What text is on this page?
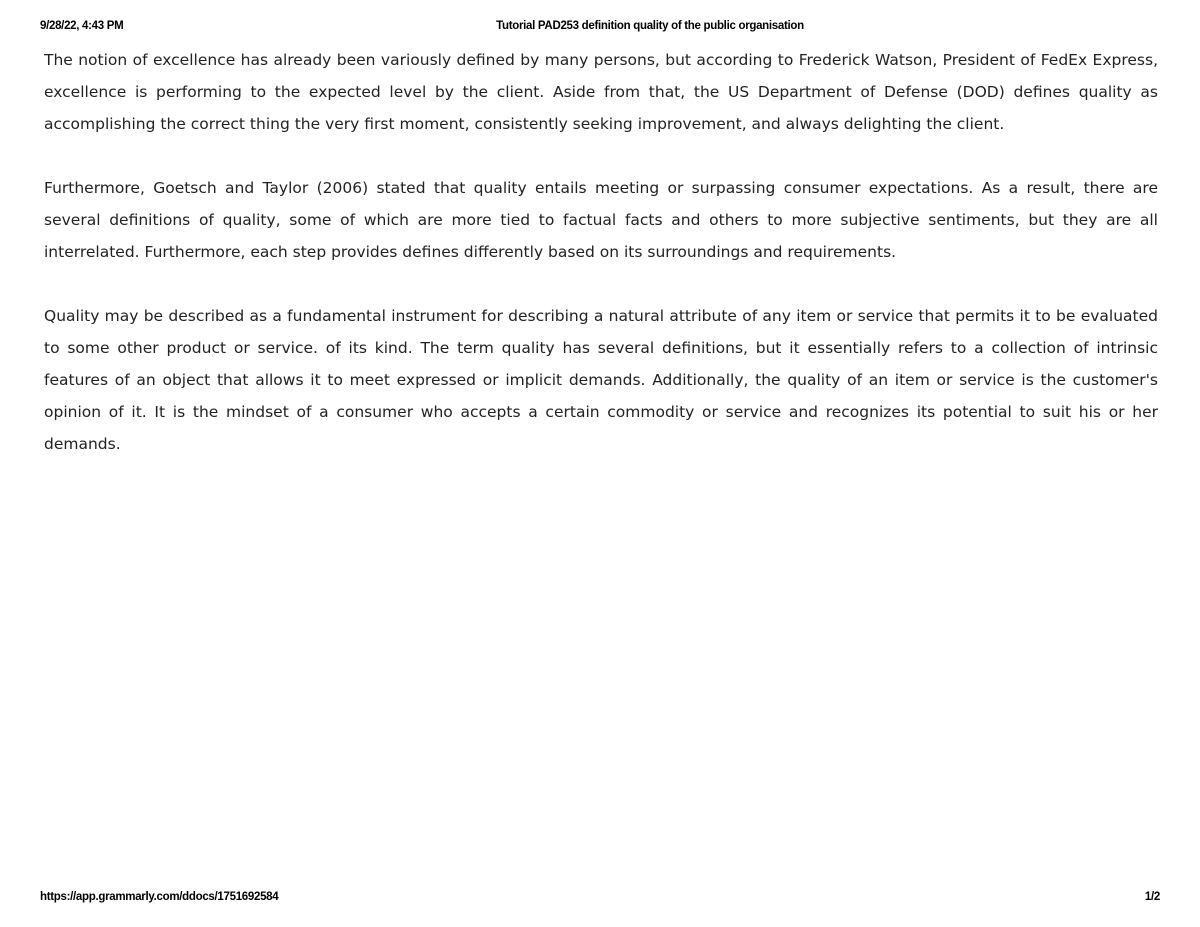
9/28/22, 4:43 PM	Tutorial PAD253 definition quality of the public organisation

The notion of excellence has already been variously defined by many persons, but according to Frederick Watson, President of FedEx Express, excellence is performing to the expected level by the client. Aside from that, the US Department of Defense (DOD) defines quality as accomplishing the correct thing the very first moment, consistently seeking improvement, and always delighting the client.

Furthermore, Goetsch and Taylor (2006) stated that quality entails meeting or surpassing consumer expectations. As a result, there are several definitions of quality, some of which are more tied to factual facts and others to more subjective sentiments, but they are all interrelated. Furthermore, each step provides defines differently based on its surroundings and requirements.

Quality may be described as a fundamental instrument for describing a natural attribute of any item or service that permits it to be evaluated to some other product or service. of its kind. The term quality has several definitions, but it essentially refers to a collection of intrinsic features of an object that allows it to meet expressed or implicit demands. Additionally, the quality of an item or service is the customer's opinion of it. It is the mindset of a consumer who accepts a certain commodity or service and recognizes its potential to suit his or her demands.

https://app.grammarly.com/ddocs/1751692584	1/2
